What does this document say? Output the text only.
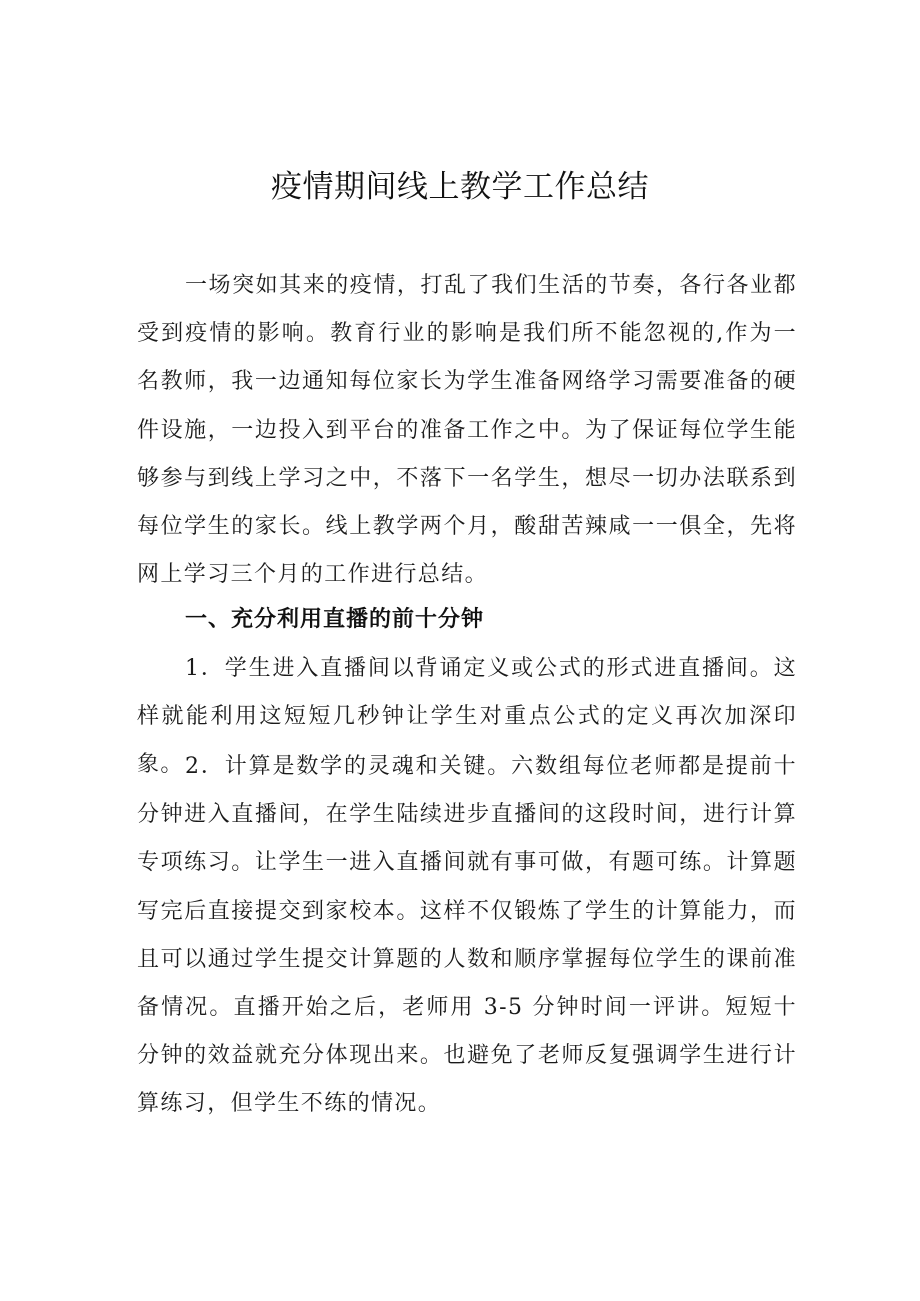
疫情期间线上教学工作总结

一场突如其来的疫情，打乱了我们生活的节奏，各行各业都受到疫情的影响。教育行业的影响是我们所不能忽视的,作为一名教师，我一边通知每位家长为学生准备网络学习需要准备的硬件设施，一边投入到平台的准备工作之中。为了保证每位学生能够参与到线上学习之中，不落下一名学生，想尽一切办法联系到每位学生的家长。线上教学两个月，酸甜苦辣咸一一俱全，先将网上学习三个月的工作进行总结。

一、充分利用直播的前十分钟

1．学生进入直播间以背诵定义或公式的形式进直播间。这样就能利用这短短几秒钟让学生对重点公式的定义再次加深印象。 2．计算是数学的灵魂和关键。六数组每位老师都是提前十分钟进入直播间，在学生陆续进步直播间的这段时间，进行计算专项练习。让学生一进入直播间就有事可做，有题可练。计算题写完后直接提交到家校本。这样不仅锻炼了学生的计算能力，而且可以通过学生提交计算题的人数和顺序掌握每位学生的课前准备情况。直播开始之后，老师用 3-5 分钟时间一评讲。短短十分钟的效益就充分体现出来。也避免了老师反复强调学生进行计算练习，但学生不练的情况。
